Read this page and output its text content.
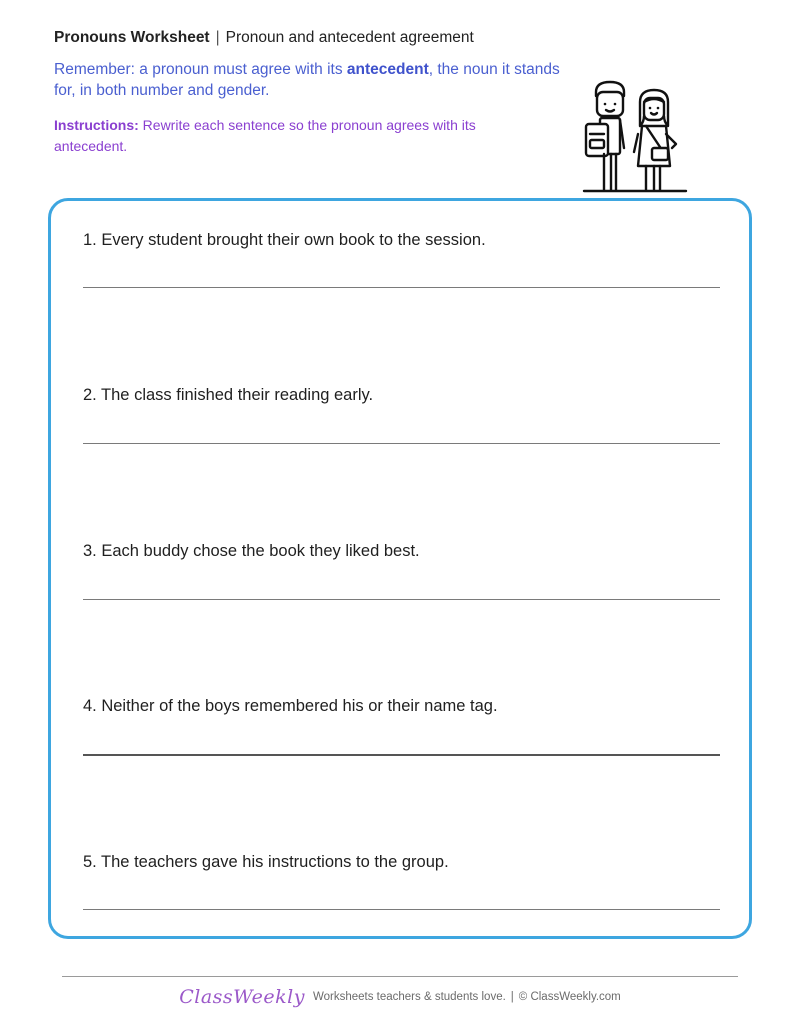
Pronouns Worksheet | Pronoun and antecedent agreement
Remember: a pronoun must agree with its antecedent, the noun it stands for, in both number and gender.
Instructions: Rewrite each sentence so the pronoun agrees with its antecedent.
1. Every student brought their own book to the session.
2. The class finished their reading early.
3. Each buddy chose the book they liked best.
4. Neither of the boys remembered his or their name tag.
5. The teachers gave his instructions to the group.
ClassWeekly Worksheets teachers & students love. | © ClassWeekly.com
